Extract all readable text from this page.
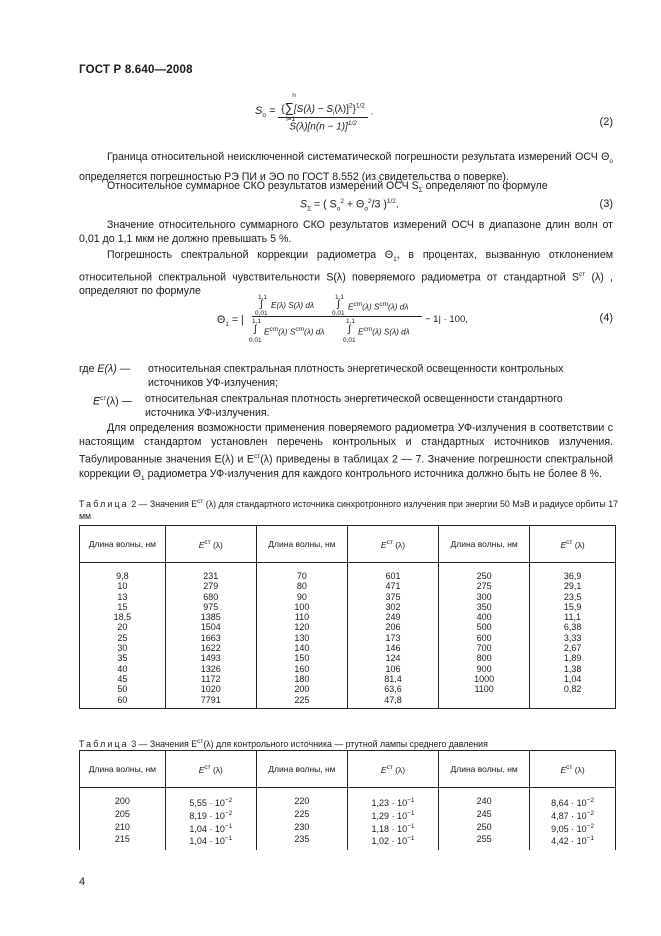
ГОСТ Р 8.640—2008
$S_o = n$
$\{\sum[S(\lambda) - S_i(\lambda)]^2\}^{1/2}$
i=1
$S(\lambda)[n(n - 1)]^{1/2}$ .
(2)
Граница относительной неисключенной систематической погрешности результата измерений ОСЧ $\Theta_о$ определяется погрешностью РЭ ПИ и ЭО по ГОСТ 8.552 (из свидетельства о поверке).
Относительное суммарное СКО результатов измерений ОСЧ $S_\Sigma$ определяют по формуле
$S_\Sigma$ = ( $S_o^2 + \Theta_o^2/3$ )$^{1/2}$.	(3)
Значение относительного суммарного СКО результатов измерений ОСЧ в диапазоне длин волн от 0,01 до 1,1 мкм не должно превышать 5 %.
Погрешность спектральной коррекции радиометра $\Theta_1$, в процентах, вызванную отклонением относительной спектральной чувствительности S(λ) поверяемого радиометра от стандартной $S^{ст}$ (λ) , определяют по формуле
$\Theta_1$ = |
1,1
∫
0,01
E(λ) S(λ) dλ
1,1
∫
0,01
$E^{ст}(\lambda)$ $S^{ст}(\lambda)$ dλ
1,1
∫
0,01
$E^{ст}(\lambda)$ $S^{ст}(\lambda)$ dλ
1,1
∫
0,01
$E^{ст}(\lambda)$ S(λ) dλ
− 1| · 100,	(4)
где E(λ) —	относительная спектральная плотность энергетической освещенности контрольных источников УФ-излучения;
$E^{ст}(\lambda)$ —	относительная спектральная плотность энергетической освещенности стандартного источника УФ-излучения.
Для определения возможности применения поверяемого радиометра УФ-излучения в соответствии с настоящим стандартом установлен перечень контрольных и стандартных источников излучения. Табулированные значения E(λ) и $E^{ст}(\lambda)$ приведены в таблицах 2 — 7. Значение погрешности спектральной коррекции $\Theta_1$ радиометра УФ-излучения для каждого контрольного источника должно быть не более 8 %.
Таблица 2 — Значения $E^{ст}$ (λ) для стандартного источника синхротронного излучения при энергии 50 МэВ и радиусе орбиты 17 мм
Длина волны, нм	$E^{ст}$ (λ)	Длина волны, нм	$E^{ст}$ (λ)	Длина волны, нм	$E^{ст}$ (λ)

9,8	231	70	601	250	36,9
10	279	80	471	275	29,1
13	680	90	375	300	23,5
15	975	100	302	350	15,9
18,5	1385	110	249	400	11,1
20	1504	120	206	500	6,38
25	1663	130	173	600	3,33
30	1622	140	146	700	2,67
35	1493	150	124	800	1,89
40	1326	160	106	900	1,38
45	1172	180	81,4	1000	1,04
50	1020	200	63,6	1100	0,82
60	7791	225	47,8		
Таблица 3 — Значения $E^{ст}(\lambda)$ для контрольного источника — ртутной лампы среднего давления
Длина волны, нм	$E^{ст}$ (λ)	Длина волны, нм	$E^{ст}$ (λ)	Длина волны, нм	$E^{ст}$ (λ)

200	$5,55 \cdot 10^{-2}$	220	$1,23 \cdot 10^{-1}$	240	$8,64 \cdot 10^{-2}$
205	$8,19 \cdot 10^{-2}$	225	$1,29 \cdot 10^{-1}$	245	$4,87 \cdot 10^{-2}$
210	$1,04 \cdot 10^{-1}$	230	$1,18 \cdot 10^{-1}$	250	$9,05 \cdot 10^{-2}$
215	$1,04 \cdot 10^{-1}$	235	$1,02 \cdot 10^{-1}$	255	$4,42 \cdot 10^{-1}$
4
